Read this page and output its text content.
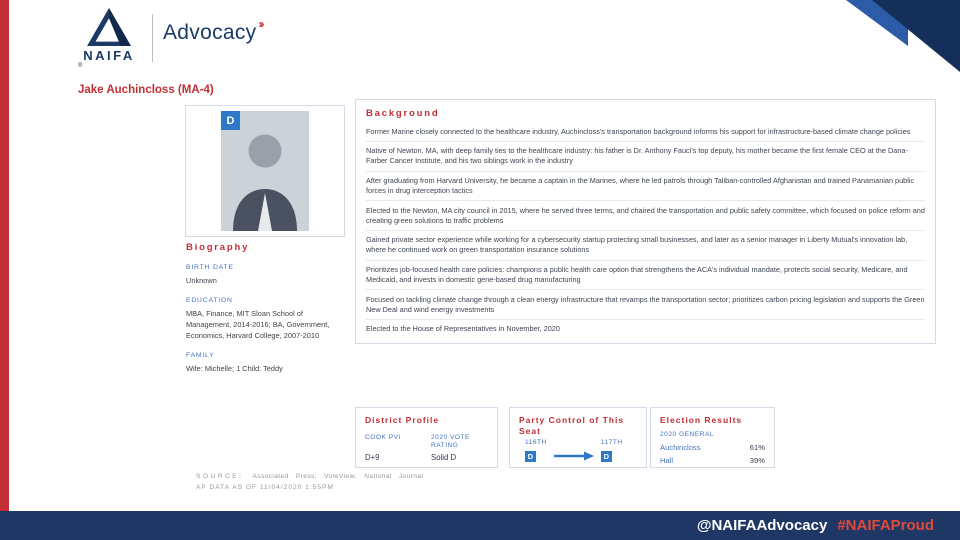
NAIFA
®
Advocacy ››
Jake Auchincloss (MA-4)
D
Biography
BIRTH DATE
Unknown
EDUCATION
MBA, Finance, MIT Sloan School of Management, 2014-2016; BA, Government, Economics, Harvard College, 2007-2010
FAMILY
Wife: Michelle; 1 Child: Teddy
Background

Former Marine closely connected to the healthcare industry, Auchincloss's transportation background informs his support for infrastructure-based climate change policies

Native of Newton, MA, with deep family ties to the healthcare industry: his father is Dr. Anthony Fauci's top deputy, his mother became the first female CEO at the Dana-Farber Cancer Institute, and his two siblings work in the industry

After graduating from Harvard University, he became a captain in the Marines, where he led patrols through Taliban-controlled Afghanistan and trained Panamanian public forces in drug interception tactics

Elected to the Newton, MA city council in 2015, where he served three terms, and chaired the transportation and public safety committee, which focused on police reform and creating green solutions to traffic problems

Gained private sector experience while working for a cybersecurity startup protecting small businesses, and later as a senior manager in Liberty Mutual's innovation lab, where he continued work on green transportation insurance solutions

Prioritizes job-focused health care policies: champions a public health care option that strengthens the ACA's individual mandate, protects social security, Medicare, and Medicaid, and invests in domestic gene-based drug manufacturing

Focused on tackling climate change through a clean energy infrastructure that revamps the transportation sector; prioritizes carbon pricing legislation and supports the Green New Deal and wind energy investments

Elected to the House of Representatives in November, 2020

District Profile
COOK PVI
D+9
2020 VOTE RATING
Solid D
Party Control of This Seat
116TH
D
117TH
D
Election Results
2020 GENERAL
Auchincloss	61%
Hall	39%
SOURCE: Associated Press; VoteView; National Journal
AP DATA AS OF 11/04/2020 1:55PM
@NAIFAAdvocacy #NAIFAProud
